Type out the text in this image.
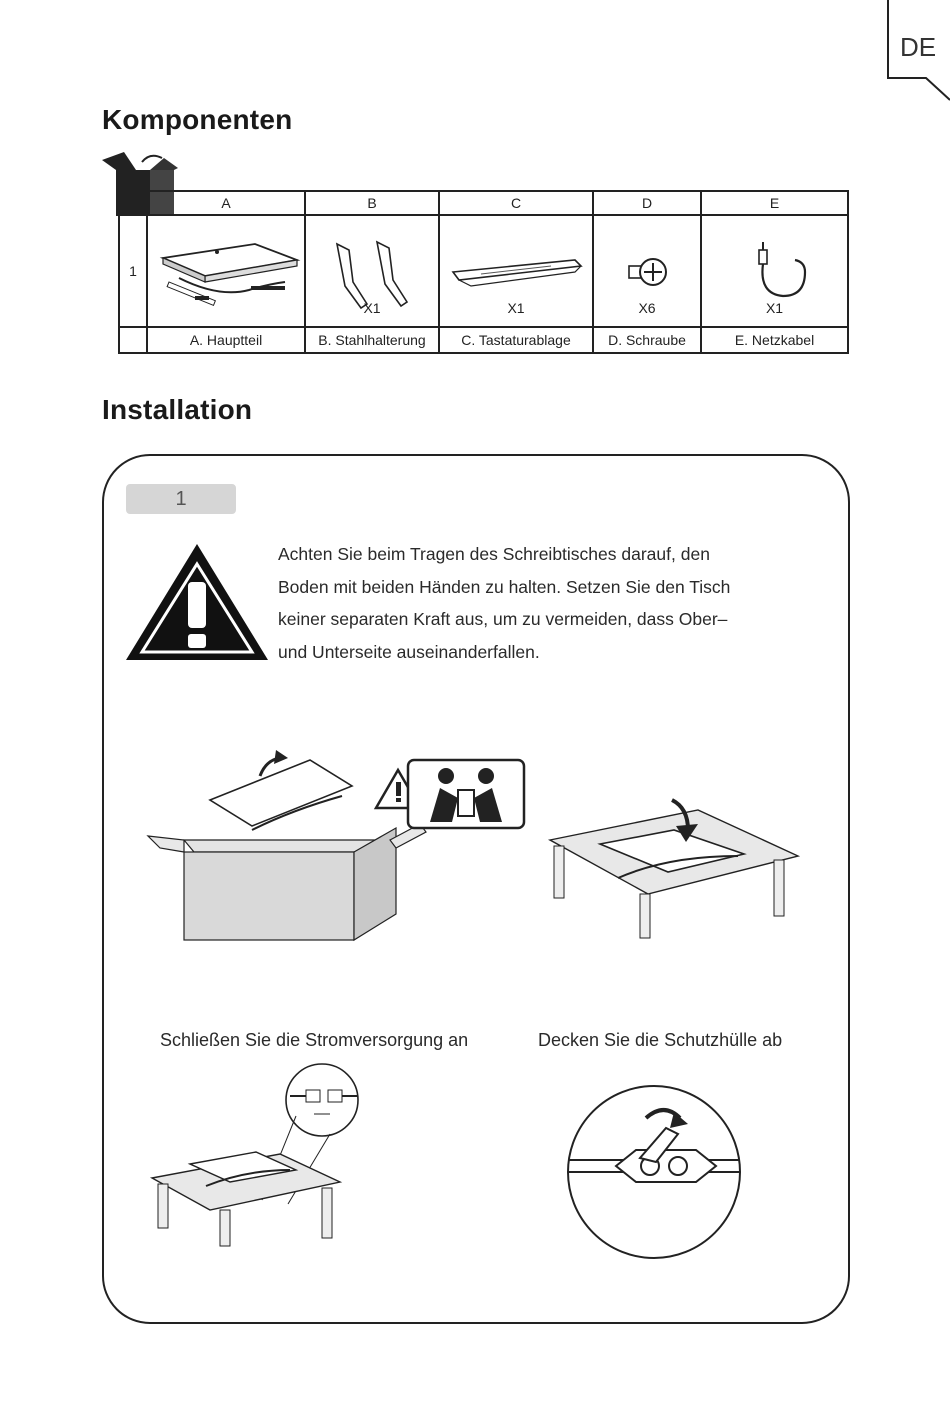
DE
Komponenten
	A	B	C	D	E
1		X1	X1	X6	X1

	A. Hauptteil	B. Stahlhalterung	C. Tastaturablage	D. Schraube	E. Netzkabel
Installation
1
Achten Sie beim Tragen des Schreibtisches darauf, den
Boden mit beiden Händen zu halten. Setzen Sie den Tisch
keiner separaten Kraft aus, um zu vermeiden, dass Ober–
und Unterseite auseinanderfallen.
Schließen Sie die Stromversorgung an	Decken Sie die Schutzhülle ab
